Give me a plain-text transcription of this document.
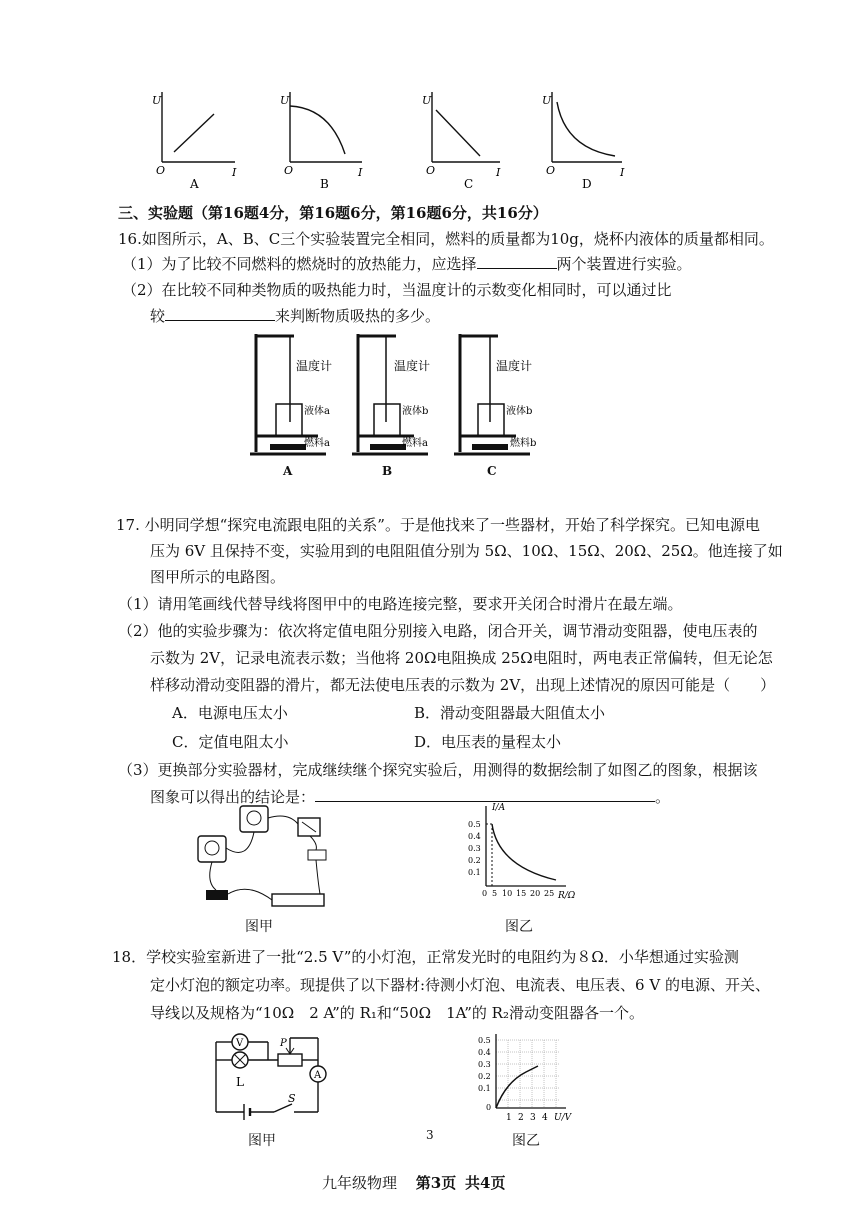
U
O	I
A
U
O	I
B
U
O	I
C
U
O	I
D
三、实验题（第16题4分，第16题6分，第16题6分，共16分）
16.如图所示，A、B、C三个实验装置完全相同，燃料的质量都为10g，烧杯内液体的质量都相同。
（1）为了比较不同燃料的燃烧时的放热能力，应选择	两个装置进行实验。
（2）在比较不同种类物质的吸热能力时，当温度计的示数变化相同时，可以通过比
较	来判断物质吸热的多少。
温度计
液体a
燃料a
温度计
液体b
燃料a
温度计
液体b
燃料b
A	B	C
17. 小明同学想“探究电流跟电阻的关系”。于是他找来了一些器材，开始了科学探究。已知电源电
压为 6V 且保持不变，实验用到的电阻阻值分别为 5Ω、10Ω、15Ω、20Ω、25Ω。他连接了如
图甲所示的电路图。
（1）请用笔画线代替导线将图甲中的电路连接完整，要求开关闭合时滑片在最左端。
（2）他的实验步骤为：依次将定值电阻分别接入电路，闭合开关，调节滑动变阻器，使电压表的
示数为 2V，记录电流表示数；当他将 20Ω电阻换成 25Ω电阻时，两电表正常偏转，但无论怎
样移动滑动变阻器的滑片，都无法使电压表的示数为 2V，出现上述情况的原因可能是（　　）
A．电源电压太小	B．滑动变阻器最大阻值太小
C．定值电阻太小	D．电压表的量程太小
（3）更换部分实验器材，完成继续继个探究实验后，用测得的数据绘制了如图乙的图象，根据该
图象可以得出的结论是：	。
图甲
I/A
R/Ω
0.5
0.4
0.3
0.2
0.1
0 5 10 15 20 25
图乙
18．学校实验室新进了一批“2.5 V”的小灯泡，正常发光时的电阻约为８Ω．小华想通过实验测
定小灯泡的额定功率。现提供了以下器材:待测小灯泡、电流表、电压表、6 V 的电源、开关、
导线以及规格为“10Ω　2 A”的 R₁和“50Ω　1A”的 R₂滑动变阻器各一个。
V	P
A
L
S
图甲	3
0.5
0.4
0.3
0.2
0.1
0
1 2 3 4 U/V
图乙
九年级物理 第3页 共4页
